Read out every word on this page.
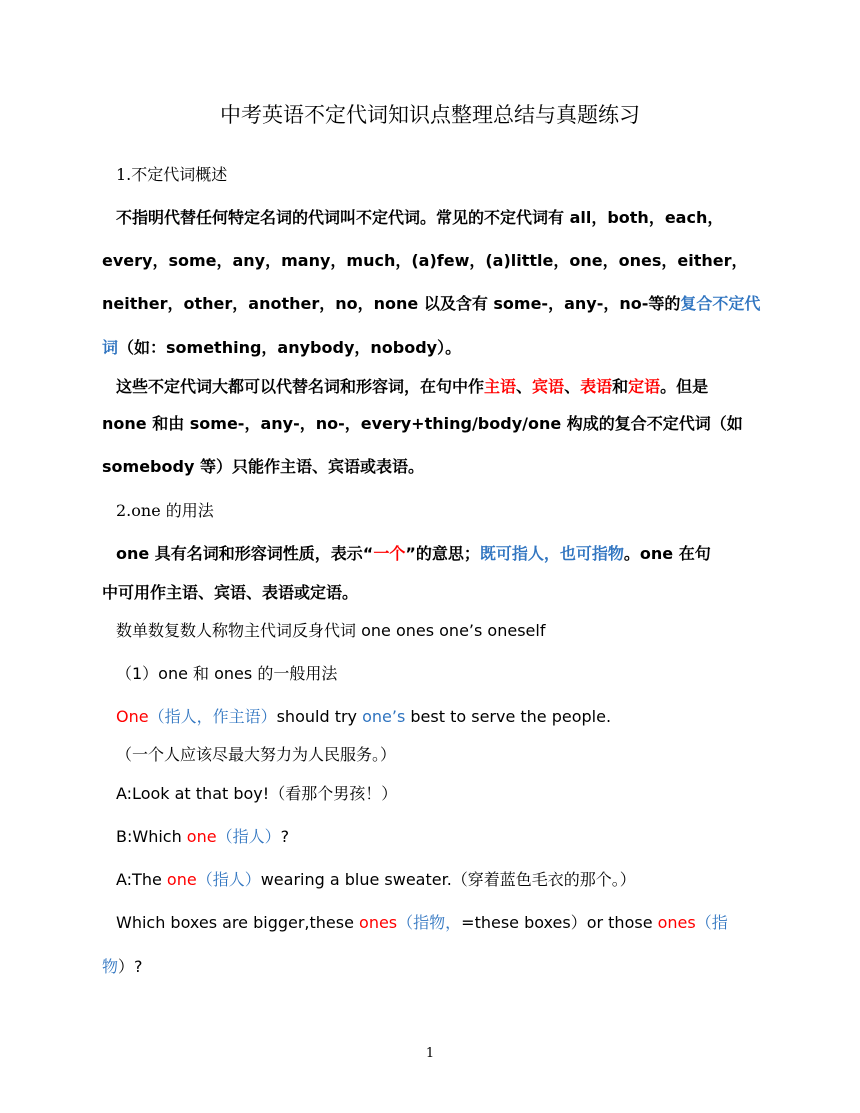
中考英语不定代词知识点整理总结与真题练习
1.不定代词概述
不指明代替任何特定名词的代词叫不定代词。常见的不定代词有 all，both，each，
every，some，any，many，much，(a)few，(a)little，one，ones，either，
neither，other，another，no，none 以及含有 some-，any-，no-等的复合不定代
词（如：something，anybody，nobody）。
这些不定代词大都可以代替名词和形容词，在句中作主语、宾语、表语和定语。但是
none 和由 some-，any-，no-，every+thing/body/one 构成的复合不定代词（如
somebody 等）只能作主语、宾语或表语。
2.one 的用法
one 具有名词和形容词性质，表示“一个”的意思；既可指人，也可指物。one 在句
中可用作主语、宾语、表语或定语。
数单数复数人称物主代词反身代词 one ones one’s oneself
（1）one 和 ones 的一般用法
One（指人，作主语）should try one’s best to serve the people.
（一个人应该尽最大努力为人民服务。）
A:Look at that boy!（看那个男孩！）
B:Which one（指人）?
A:The one（指人）wearing a blue sweater.（穿着蓝色毛衣的那个。）
Which boxes are bigger,these ones（指物，=these boxes）or those ones（指
物）?
1
